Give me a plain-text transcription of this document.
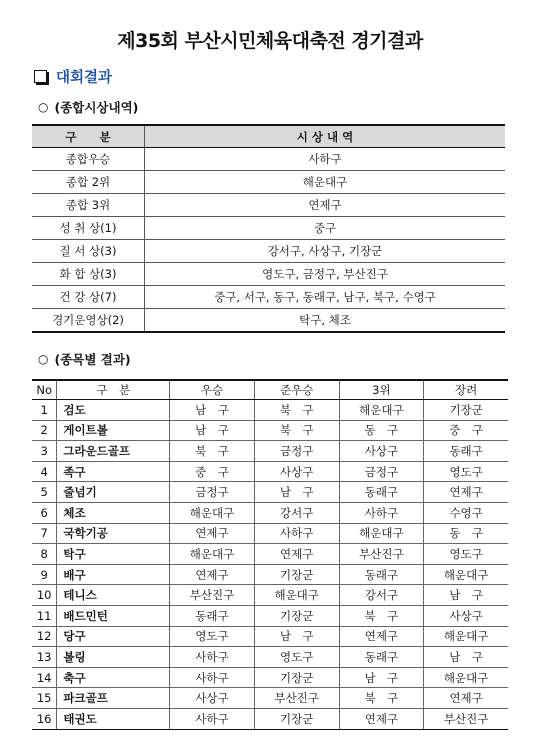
제35회 부산시민체육대축전 경기결과
대회결과
○ (종합시상내역)
구　　분	시 상 내 역
종합우승	사하구
종합 2위	해운대구
종합 3위	연제구
성 취 상(1)	중구
질 서 상(3)	강서구, 사상구, 기장군
화 합 상(3)	영도구, 금정구, 부산진구
건 강 상(7)	중구, 서구, 동구, 동래구, 남구, 북구, 수영구
경기운영상(2)	탁구, 체조
○ (종목별 결과)
No	구　분	우승	준우승	3위	장려
1	검도	남　구	북　구	해운대구	기장군
2	게이트볼	남　구	북　구	동　구	중　구
3	그라운드골프	북　구	금정구	사상구	동래구
4	족구	중　구	사상구	금정구	영도구
5	줄넘기	금정구	남　구	동래구	연제구
6	체조	해운대구	강서구	사하구	수영구
7	국학기공	연제구	사하구	해운대구	동　구
8	탁구	해운대구	연제구	부산진구	영도구
9	배구	연제구	기장군	동래구	해운대구
10	테니스	부산진구	해운대구	강서구	남　구
11	배드민턴	동래구	기장군	북　구	사상구
12	당구	영도구	남　구	연제구	해운대구
13	볼링	사하구	영도구	동래구	남　구
14	축구	사하구	기장군	남　구	해운대구
15	파크골프	사상구	부산진구	북　구	연제구
16	태권도	사하구	기장군	연제구	부산진구
